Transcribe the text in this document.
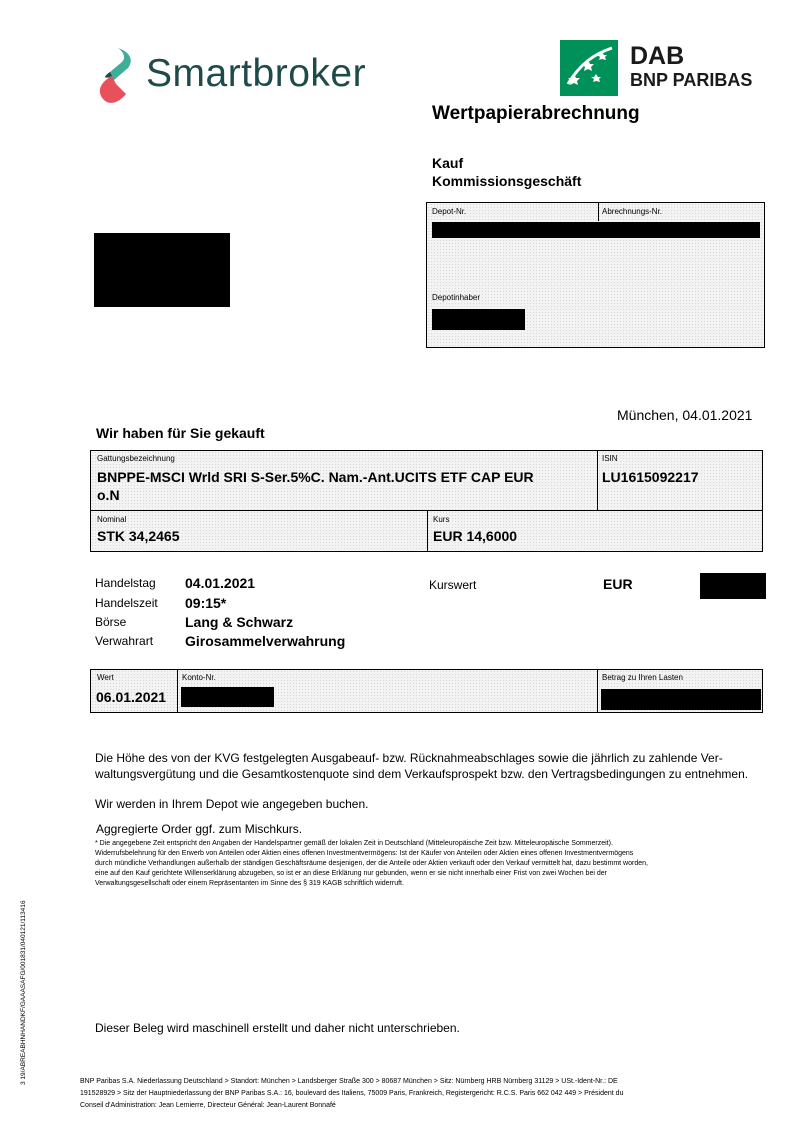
Smartbroker	DAB
BNP PARIBAS
Wertpapierabrechnung
Kauf
Kommissionsgeschäft
Depot-Nr.	Abrechnungs-Nr.
Depotinhaber
München, 04.01.2021
Wir haben für Sie gekauft
Gattungsbezeichnung
BNPPE-MSCI Wrld SRI S-Ser.5%C. Nam.-Ant.UCITS ETF CAP EUR
o.N
ISIN
LU1615092217
Nominal
STK 34,2465
Kurs
EUR 14,6000
Handelstag 04.01.2021
Handelszeit 09:15*
Börse	Lang & Schwarz
Verwahrart Girosammelverwahrung
Kurswert	EUR
Wert
06.01.2021
Konto-Nr.	Betrag zu Ihren Lasten
Die Höhe des von der KVG festgelegten Ausgabeauf- bzw. Rücknahmeabschlages sowie die jährlich zu zahlende Ver-
waltungsvergütung und die Gesamtkostenquote sind dem Verkaufsprospekt bzw. den Vertragsbedingungen zu entnehmen.
Wir werden in Ihrem Depot wie angegeben buchen.
Aggregierte Order ggf. zum Mischkurs.
* Die angegebene Zeit entspricht den Angaben der Handelspartner gemäß der lokalen Zeit in Deutschland (Mitteleuropäische Zeit bzw. Mitteleuropäische Sommerzeit).
Widerrufsbelehrung für den Erwerb von Anteilen oder Aktien eines offenen Investmentvermögens: Ist der Käufer von Anteilen oder Aktien eines offenen Investmentvermögens
durch mündliche Verhandlungen außerhalb der ständigen Geschäftsräume desjenigen, der die Anteile oder Aktien verkauft oder den Verkauf vermittelt hat, dazu bestimmt worden,
eine auf den Kauf gerichtete Willenserklärung abzugeben, so ist er an diese Erklärung nur gebunden, wenn er sie nicht innerhalb einer Frist von zwei Wochen bei der
Verwaltungsgesellschaft oder einem Repräsentanten im Sinne des § 319 KAGB schriftlich widerruft.
Dieser Beleg wird maschinell erstellt und daher nicht unterschrieben.
BNP Paribas S.A. Niederlassung Deutschland > Standort: München > Landsberger Straße 300 > 80687 München > Sitz: Nürnberg HRB Nürnberg 31129 > USt.-Ident-Nr.: DE
191528929 > Sitz der Hauptniederlassung der BNP Paribas S.A.: 16, boulevard des Italiens, 75009 Paris, Frankreich, Registergericht: R.C.S. Paris 662 042 449 > Président du
Conseil d'Administration: Jean Lemierre, Directeur Général: Jean-Laurent Bonnafé
3 19/ABREABHNHANDKF/GAAASAFG/001831/040121/113416
